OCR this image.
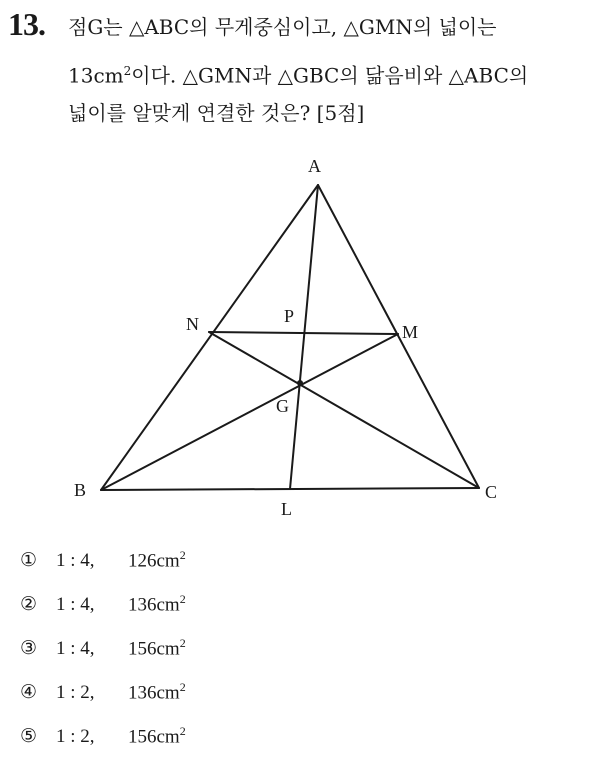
13. 점G는 △ABC의 무게중심이고, △GMN의 넓이는
$13cm^2$이다. △GMN과 △GBC의 닮음비와 △ABC의
넓이를 알맞게 연결한 것은? [5점]
A
N	P
M
G
B
L
C
① 1 : 4, $126cm^2$
② 1 : 4, $136cm^2$
③ 1 : 4, $156cm^2$
④ 1 : 2, $136cm^2$
⑤ 1 : 2, $156cm^2$
